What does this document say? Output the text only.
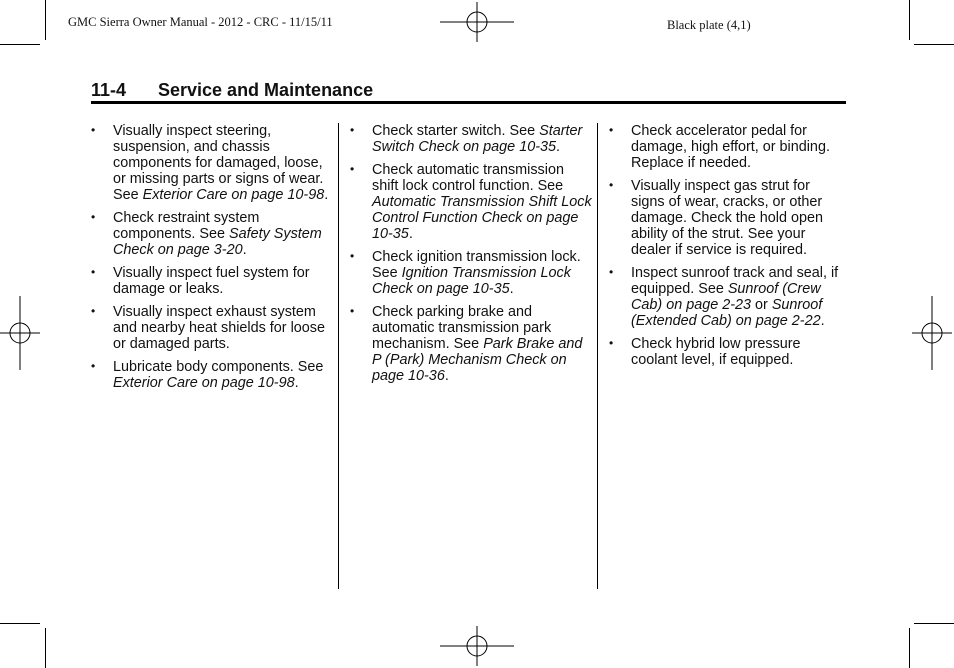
GMC Sierra Owner Manual - 2012 - CRC - 11/15/11	Black plate (4,1)
11-4 Service and Maintenance
• Visually inspect steering, suspension, and chassis components for damaged, loose, or missing parts or signs of wear. See Exterior Care on page 10-98.
• Check restraint system components. See Safety System Check on page 3-20.
• Visually inspect fuel system for damage or leaks.
• Visually inspect exhaust system and nearby heat shields for loose or damaged parts.
• Lubricate body components. See Exterior Care on page 10-98.
• Check starter switch. See Starter Switch Check on page 10-35.
• Check automatic transmission shift lock control function. See Automatic Transmission Shift Lock Control Function Check on page 10-35.
• Check ignition transmission lock. See Ignition Transmission Lock Check on page 10-35.
• Check parking brake and automatic transmission park mechanism. See Park Brake and P (Park) Mechanism Check on page 10-36.
• Check accelerator pedal for damage, high effort, or binding. Replace if needed.
• Visually inspect gas strut for signs of wear, cracks, or other damage. Check the hold open ability of the strut. See your dealer if service is required.
• Inspect sunroof track and seal, if equipped. See Sunroof (Crew Cab) on page 2-23 or Sunroof (Extended Cab) on page 2-22.
• Check hybrid low pressure coolant level, if equipped.
